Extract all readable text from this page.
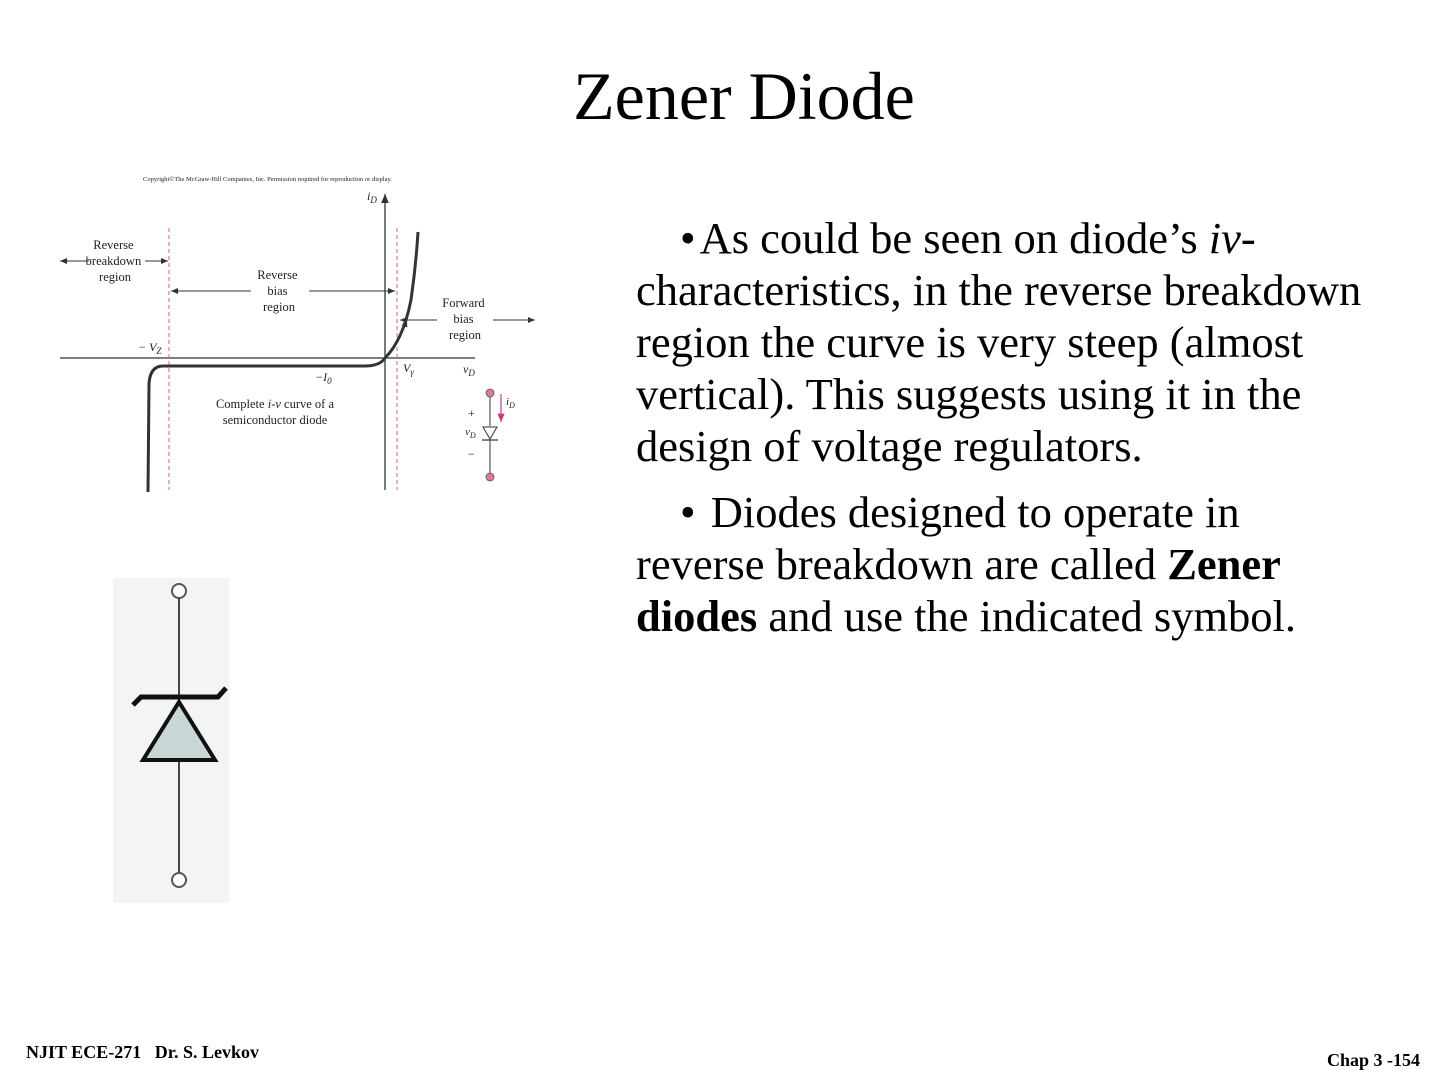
Zener Diode
Copyright©The McGraw-Hill Companies, Inc. Permission required for reproduction or display.
$i_D$
$v_D$
Reverse breakdown region	Reverse bias region	Forward bias region
− $V_Z$
$-I_0$
$V_\gamma$
Complete i-v curve of a
semiconductor diode
$i_D$
+
$v_D$
−

•As could be seen on diode’s iv-characteristics, in the reverse breakdown region the curve is very steep (almost vertical). This suggests using it in the design of voltage regulators.

• Diodes designed to operate in reverse breakdown are called Zener diodes and use the indicated symbol.

NJIT ECE-271   Dr. S. Levkov	Chap 3 -154
